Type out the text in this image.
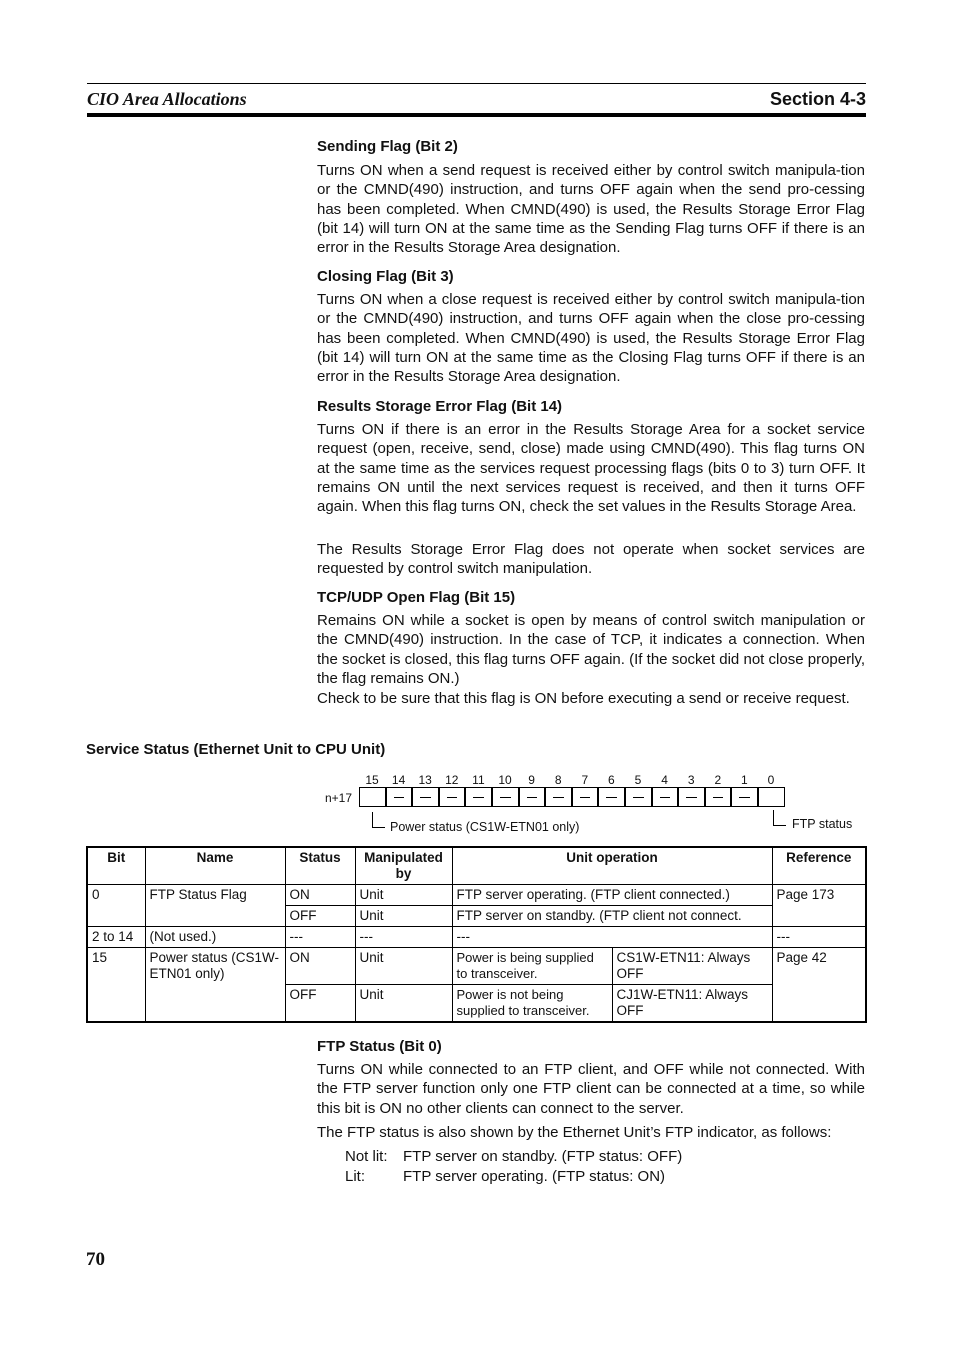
CIO Area Allocations	Section 4-3
Sending Flag (Bit 2)
Turns ON when a send request is received either by control switch manipula-tion or the CMND(490) instruction, and turns OFF again when the send pro-cessing has been completed. When CMND(490) is used, the Results Storage Error Flag (bit 14) will turn ON at the same time as the Sending Flag turns OFF if there is an error in the Results Storage Area designation.
Closing Flag (Bit 3)
Turns ON when a close request is received either by control switch manipula-tion or the CMND(490) instruction, and turns OFF again when the close pro-cessing has been completed. When CMND(490) is used, the Results Storage Error Flag (bit 14) will turn ON at the same time as the Closing Flag turns OFF if there is an error in the Results Storage Area designation.
Results Storage Error Flag (Bit 14)
Turns ON if there is an error in the Results Storage Area for a socket service request (open, receive, send, close) made using CMND(490). This flag turns ON at the same time as the services request processing flags (bits 0 to 3) turn OFF. It remains ON until the next services request is received, and then it turns OFF again. When this flag turns ON, check the set values in the Results Storage Area.
The Results Storage Error Flag does not operate when socket services are requested by control switch manipulation.
TCP/UDP Open Flag (Bit 15)
Remains ON while a socket is open by means of control switch manipulation or the CMND(490) instruction. In the case of TCP, it indicates a connection. When the socket is closed, this flag turns OFF again. (If the socket did not close properly, the flag remains ON.)
Check to be sure that this flag is ON before executing a send or receive request.
Service Status (Ethernet Unit to CPU Unit)
n+17
15	14	13	12	11	10	9	8	7	6	5	4	3	2	1	0
Power status (CS1W-ETN01 only)	FTP status
Bit	Name	Status	Manipulated by	Unit operation		Reference
0	FTP Status Flag	ON	Unit	FTP server operating. (FTP client connected.)		Page 173
		OFF	Unit	FTP server on standby. (FTP client not connect.		
2 to 14	(Not used.)	---	---	---		---
15	Power status (CS1W-ETN01 only)	ON	Unit	Power is being supplied to transceiver.	CS1W-ETN11: Always OFF	Page 42
		OFF	Unit	Power is not being supplied to transceiver.	CJ1W-ETN11: Always OFF	
FTP Status (Bit 0)
Turns ON while connected to an FTP client, and OFF while not connected. With the FTP server function only one FTP client can be connected at a time, so while this bit is ON no other clients can connect to the server.
The FTP status is also shown by the Ethernet Unit’s FTP indicator, as follows:
Not lit: FTP server on standby. (FTP status: OFF)
Lit:	FTP server operating. (FTP status: ON)
70
